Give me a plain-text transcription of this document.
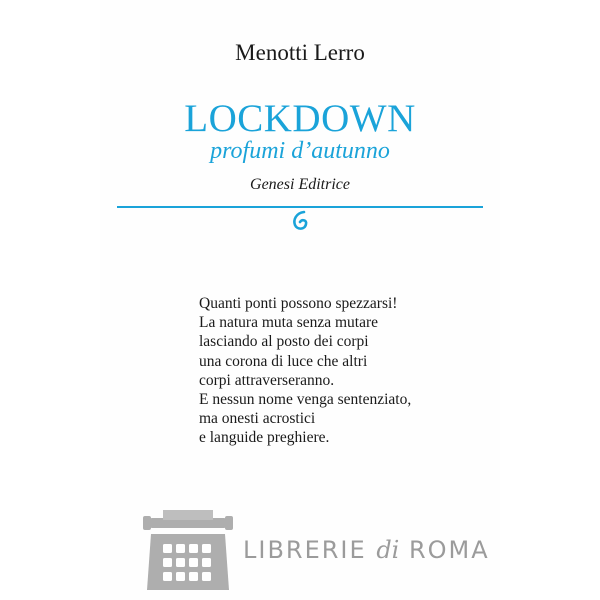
Menotti Lerro
LOCKDOWN
profumi d’autunno
Genesi Editrice
Quanti ponti possono spezzarsi!
La natura muta senza mutare
lasciando al posto dei corpi
una corona di luce che altri
corpi attraverseranno.
E nessun nome venga sentenziato,
ma onesti acrostici
e languide preghiere.
LIBRERIE di ROMA
